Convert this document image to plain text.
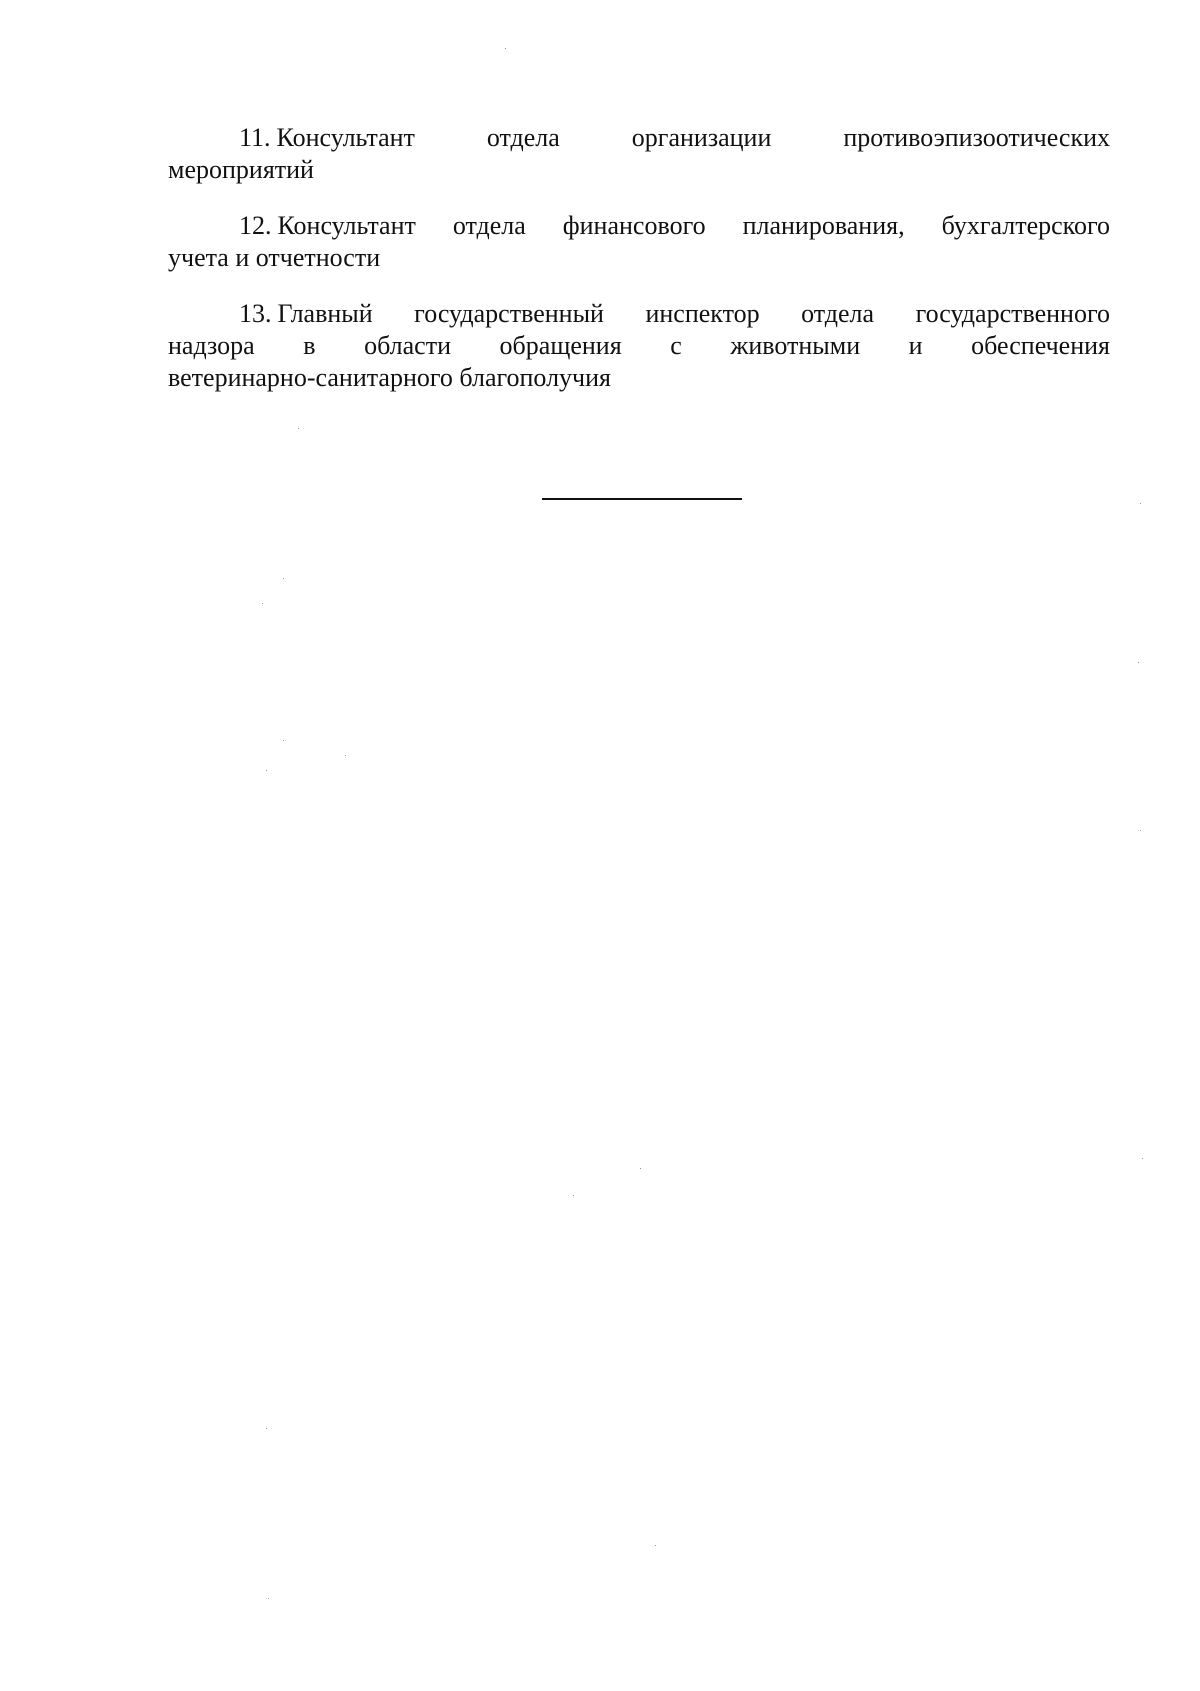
11. Консультант отдела организации противоэпизоотических
мероприятий
12. Консультант отдела финансового планирования, бухгалтерского
учета и отчетности
13. Главный государственный инспектор отдела государственного
надзора в области обращения с животными и обеспечения
ветеринарно-санитарного благополучия
